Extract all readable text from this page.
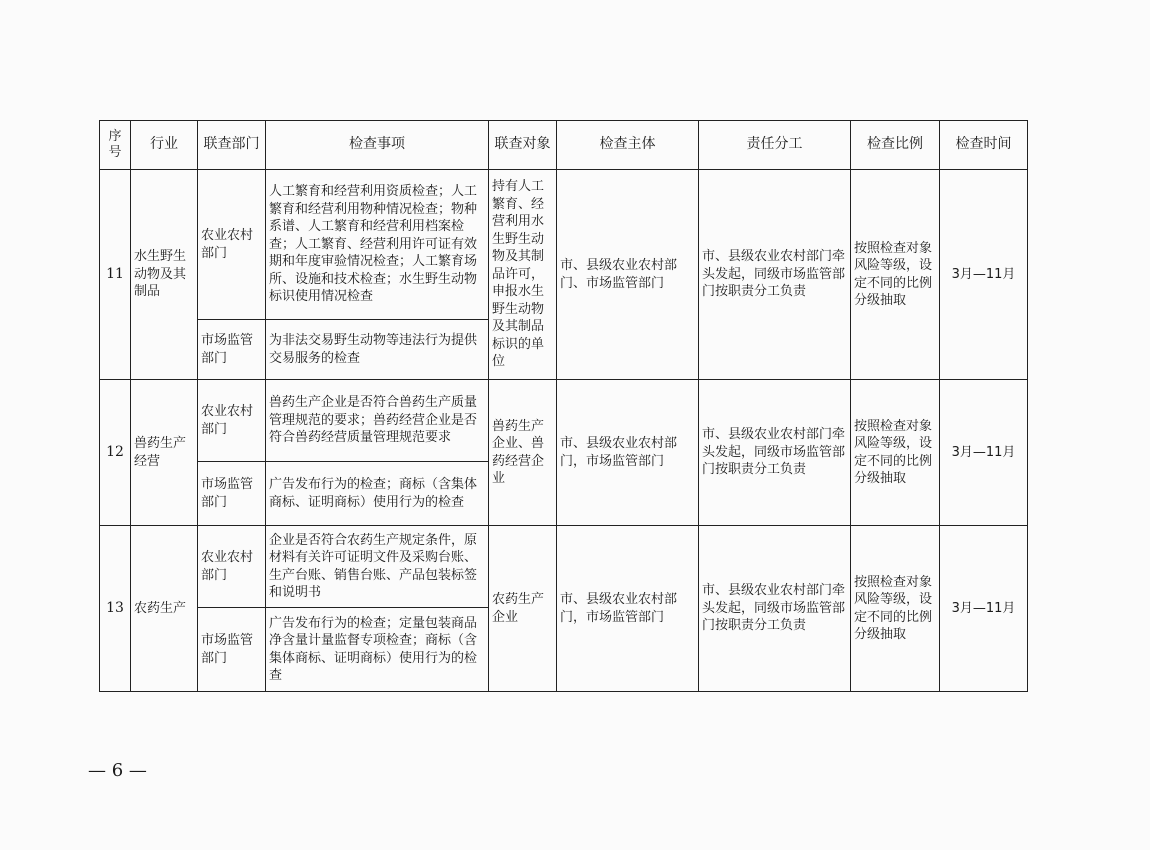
序号	行业	联查部门	检查事项	联查对象	检查主体	责任分工	检查比例	检查时间
11	水生野生动物及其制品	农业农村部门	人工繁育和经营利用资质检查；人工繁育和经营利用物种情况检查；物种系谱、人工繁育和经营利用档案检查；人工繁育、经营利用许可证有效期和年度审验情况检查；人工繁育场所、设施和技术检查；水生野生动物标识使用情况检查	持有人工繁育、经营利用水生野生动物及其制品许可，申报水生野生动物及其制品标识的单位	市、县级农业农村部门、市场监管部门	市、县级农业农村部门牵头发起，同级市场监管部门按职责分工负责	按照检查对象风险等级，设定不同的比例分级抽取	3月—11月
		市场监管部门	为非法交易野生动物等违法行为提供交易服务的检查					
12	兽药生产经营	农业农村部门	兽药生产企业是否符合兽药生产质量管理规范的要求；兽药经营企业是否符合兽药经营质量管理规范要求	兽药生产企业、兽药经营企业	市、县级农业农村部门，市场监管部门	市、县级农业农村部门牵头发起，同级市场监管部门按职责分工负责	按照检查对象风险等级，设定不同的比例分级抽取	3月—11月
		市场监管部门	广告发布行为的检查；商标（含集体商标、证明商标）使用行为的检查					
13	农药生产	农业农村部门	企业是否符合农药生产规定条件，原材料有关许可证明文件及采购台账、生产台账、销售台账、产品包装标签和说明书	农药生产企业	市、县级农业农村部门，市场监管部门	市、县级农业农村部门牵头发起，同级市场监管部门按职责分工负责	按照检查对象风险等级，设定不同的比例分级抽取	3月—11月
		市场监管部门	广告发布行为的检查；定量包装商品净含量计量监督专项检查；商标（含集体商标、证明商标）使用行为的检查					
— 6 —
